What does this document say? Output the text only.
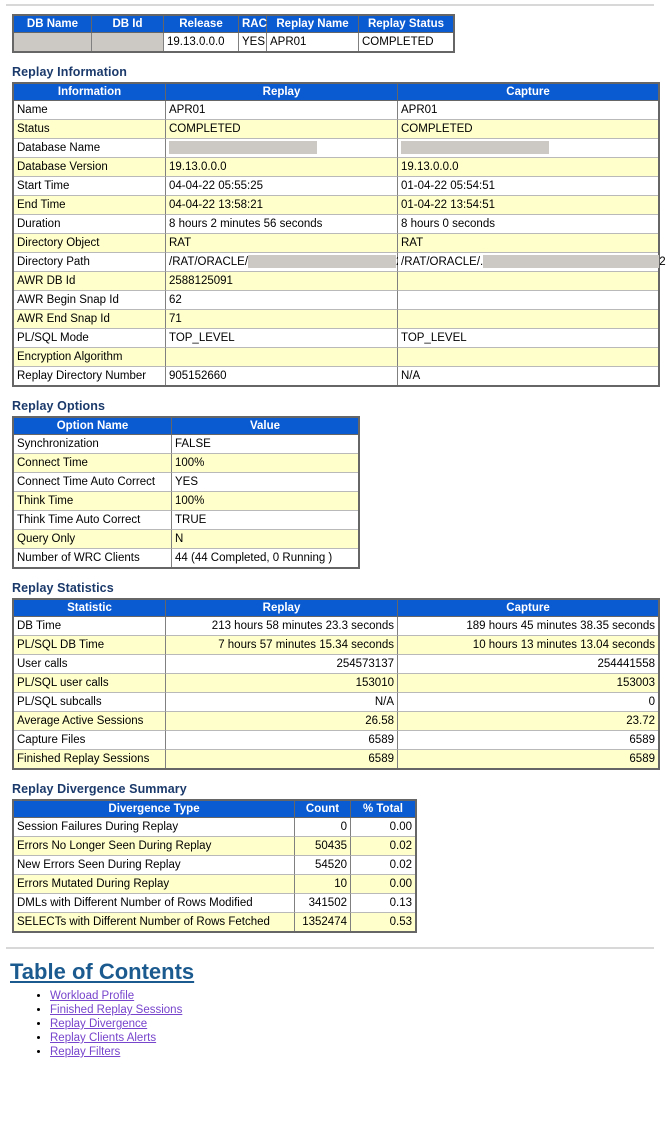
DB Name	DB Id	Release	RAC	Replay Name	Replay Status
		19.13.0.0.0	YES	APR01	COMPLETED
Replay Information
Information	Replay	Capture
Name	APR01	APR01
Status	COMPLETED	COMPLETED
Database Name		
Database Version	19.13.0.0.0	19.13.0.0.0
Start Time	04-04-22 05:55:25	01-04-22 05:54:51
End Time	04-04-22 13:58:21	01-04-22 13:54:51
Duration	8 hours 2 minutes 56 seconds	8 hours 0 seconds
Directory Object	RAT	RAT
Directory Path	/RAT/ORACLE/	/RAT/ORACLE/. 2
AWR DB Id	2588125091	
AWR Begin Snap Id	62	
AWR End Snap Id	71	
PL/SQL Mode	TOP_LEVEL	TOP_LEVEL
Encryption Algorithm		
Replay Directory Number	905152660	N/A
Replay Options
Option Name	Value
Synchronization	FALSE
Connect Time	100%
Connect Time Auto Correct	YES
Think Time	100%
Think Time Auto Correct	TRUE
Query Only	N
Number of WRC Clients	44 (44 Completed, 0 Running )
Replay Statistics
Statistic	Replay	Capture
DB Time	213 hours 58 minutes 23.3 seconds	189 hours 45 minutes 38.35 seconds
PL/SQL DB Time	7 hours 57 minutes 15.34 seconds	10 hours 13 minutes 13.04 seconds
User calls	254573137	254441558
PL/SQL user calls	153010	153003
PL/SQL subcalls	N/A	0
Average Active Sessions	26.58	23.72
Capture Files	6589	6589
Finished Replay Sessions	6589	6589
Replay Divergence Summary
Divergence Type	Count	% Total
Session Failures During Replay	0	0.00
Errors No Longer Seen During Replay	50435	0.02
New Errors Seen During Replay	54520	0.02
Errors Mutated During Replay	10	0.00
DMLs with Different Number of Rows Modified	341502	0.13
SELECTs with Different Number of Rows Fetched	1352474	0.53
Table of Contents
• Workload Profile
• Finished Replay Sessions
• Replay Divergence
• Replay Clients Alerts
• Replay Filters
